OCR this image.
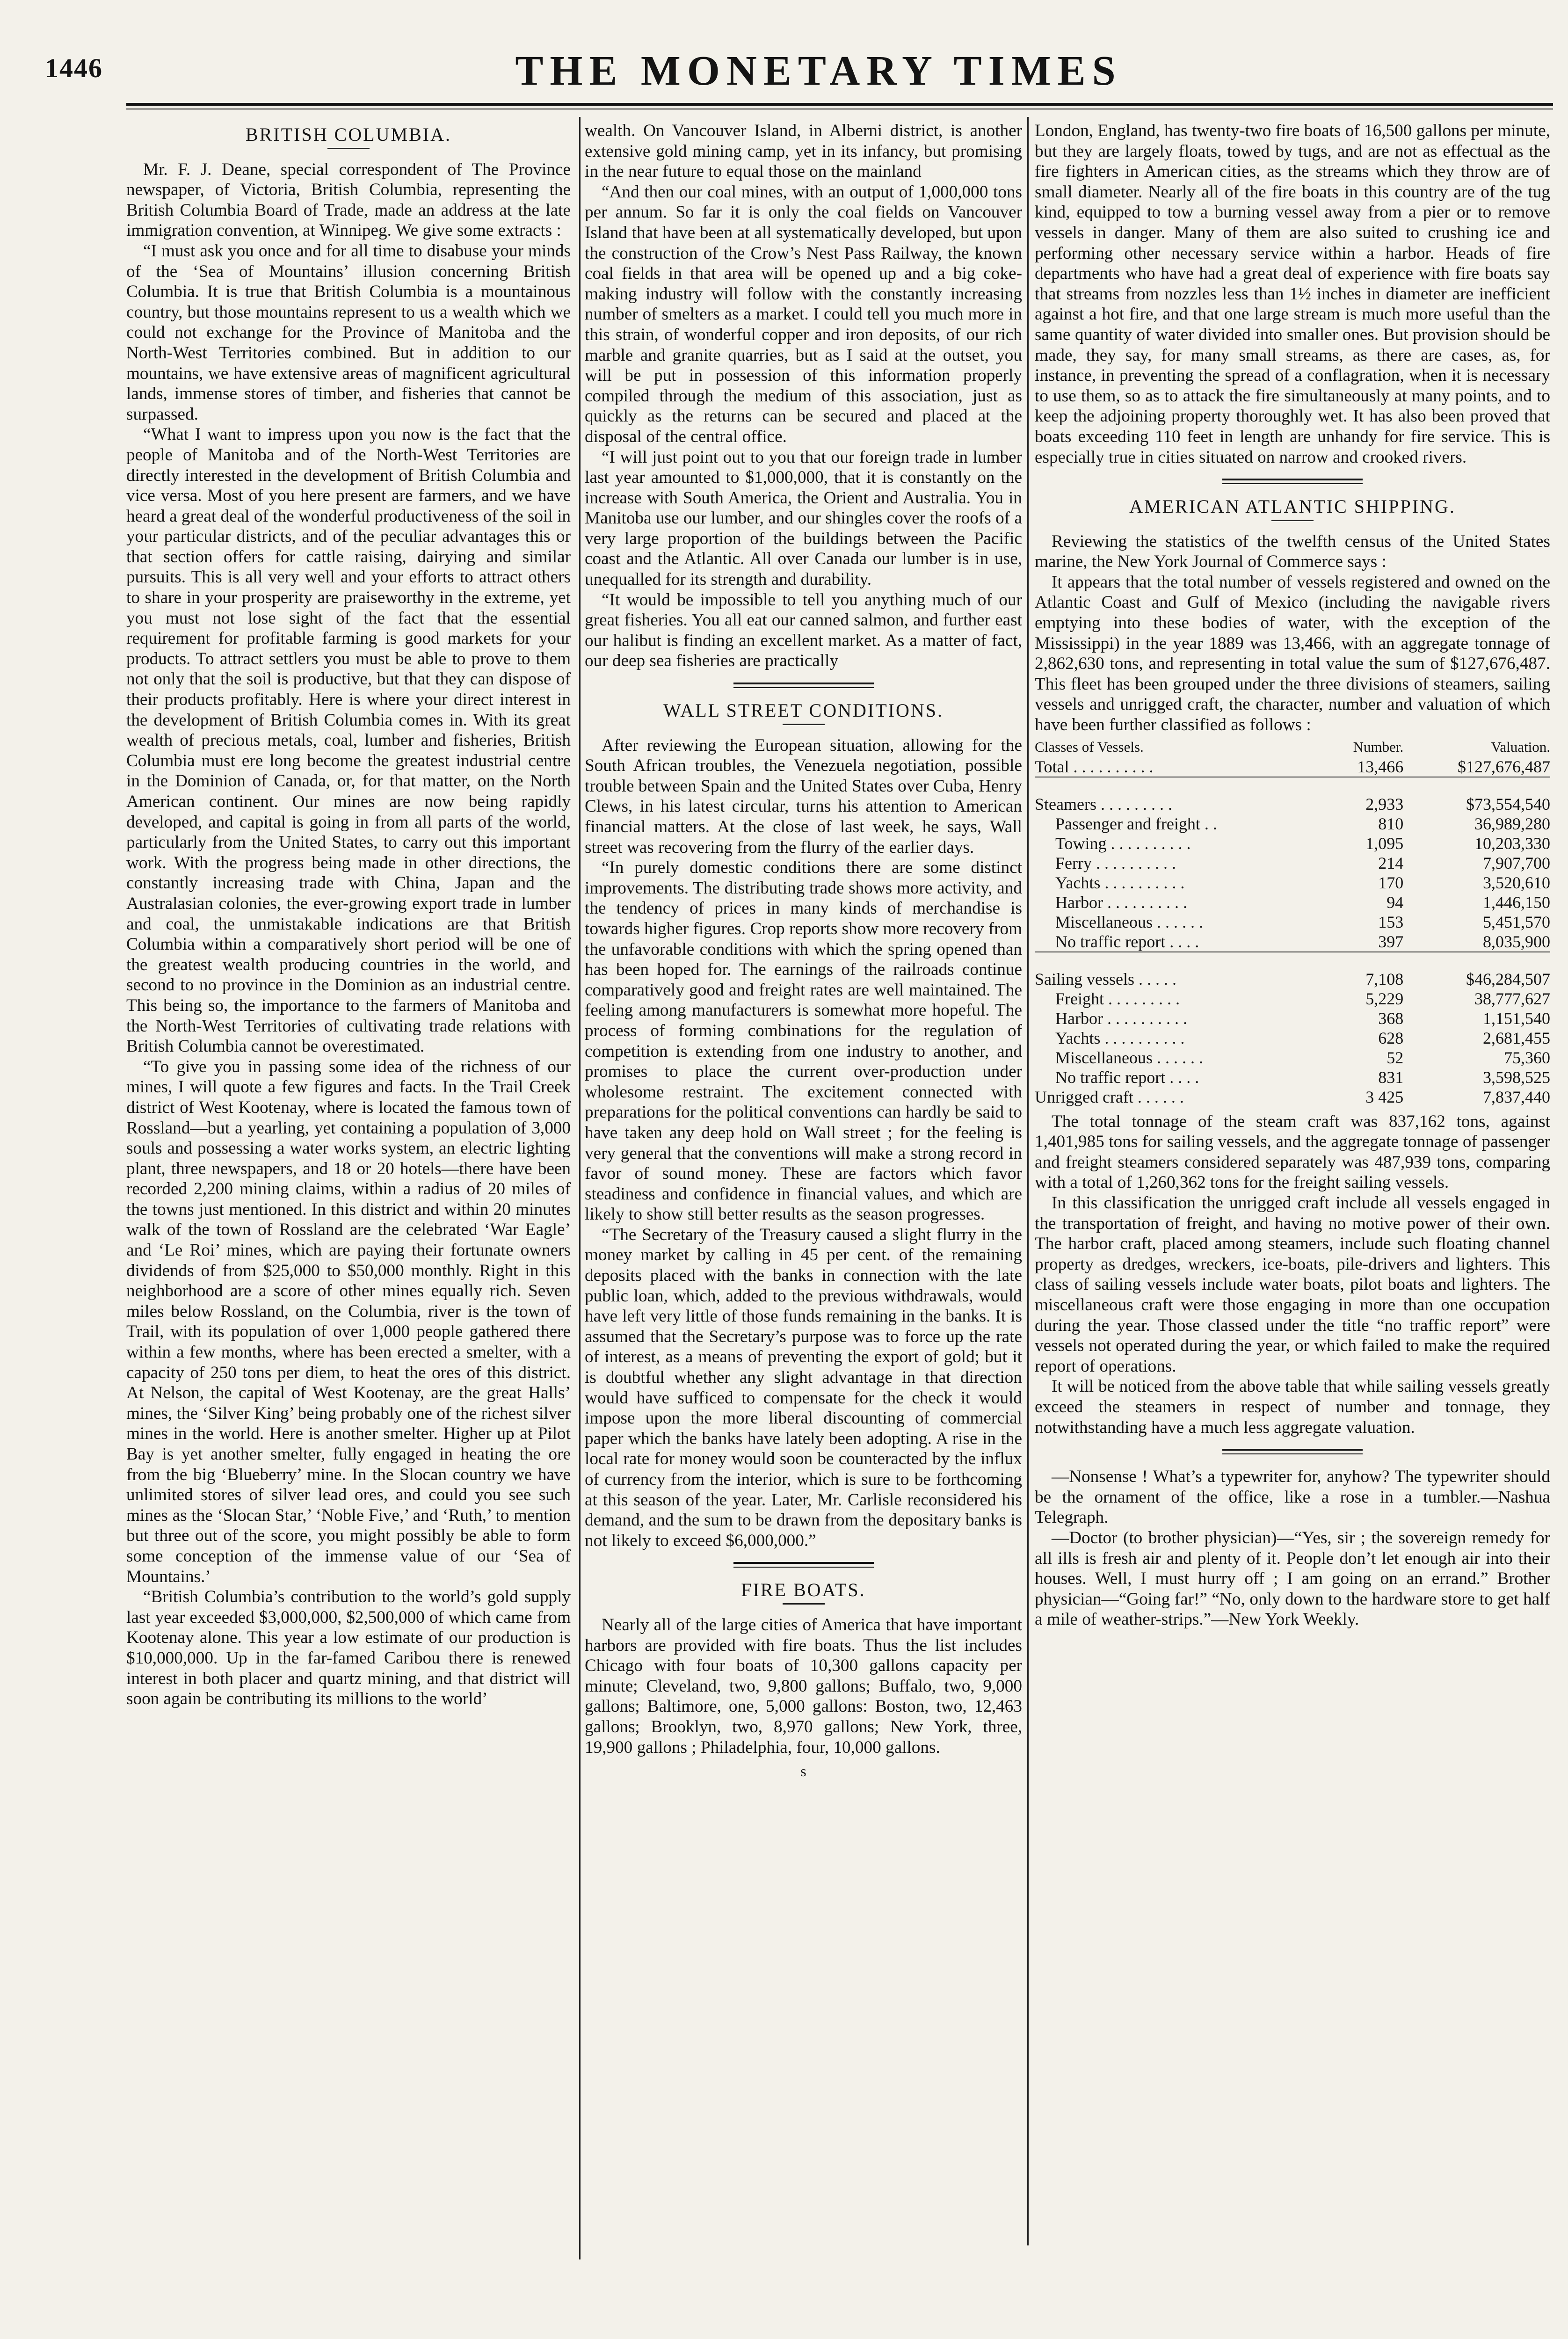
1446	THE MONETARY TIMES
BRITISH COLUMBIA.

Mr. F. J. Deane, special correspondent of The Province newspaper, of Victoria, British Columbia, representing the British Columbia Board of Trade, made an address at the late immigration convention, at Winnipeg. We give some extracts :

“I must ask you once and for all time to disabuse your minds of the ‘Sea of Mountains’ illusion concerning British Columbia. It is true that British Columbia is a mountainous country, but those mountains represent to us a wealth which we could not exchange for the Province of Manitoba and the North-West Territories combined. But in addition to our mountains, we have extensive areas of magnificent agricultural lands, immense stores of timber, and fisheries that cannot be surpassed.

“What I want to impress upon you now is the fact that the people of Manitoba and of the North-West Territories are directly interested in the development of British Columbia and vice versa. Most of you here present are farmers, and we have heard a great deal of the wonderful productiveness of the soil in your particular districts, and of the peculiar advantages this or that section offers for cattle raising, dairying and similar pursuits. This is all very well and your efforts to attract others to share in your prosperity are praiseworthy in the extreme, yet you must not lose sight of the fact that the essential requirement for profitable farming is good markets for your products. To attract settlers you must be able to prove to them not only that the soil is productive, but that they can dispose of their products profitably. Here is where your direct interest in the development of British Columbia comes in. With its great wealth of precious metals, coal, lumber and fisheries, British Columbia must ere long become the greatest industrial centre in the Dominion of Canada, or, for that matter, on the North American continent. Our mines are now being rapidly developed, and capital is going in from all parts of the world, particularly from the United States, to carry out this important work. With the progress being made in other directions, the constantly increasing trade with China, Japan and the Australasian colonies, the ever-growing export trade in lumber and coal, the unmistakable indications are that British Columbia within a comparatively short period will be one of the greatest wealth producing countries in the world, and second to no province in the Dominion as an industrial centre. This being so, the importance to the farmers of Manitoba and the North-West Territories of cultivating trade relations with British Columbia cannot be overestimated.

“To give you in passing some idea of the richness of our mines, I will quote a few figures and facts. In the Trail Creek district of West Kootenay, where is located the famous town of Rossland—but a yearling, yet containing a population of 3,000 souls and possessing a water works system, an electric lighting plant, three newspapers, and 18 or 20 hotels—there have been recorded 2,200 mining claims, within a radius of 20 miles of the towns just mentioned. In this district and within 20 minutes walk of the town of Rossland are the celebrated ‘War Eagle’ and ‘Le Roi’ mines, which are paying their fortunate owners dividends of from $25,000 to $50,000 monthly. Right in this neighborhood are a score of other mines equally rich. Seven miles below Rossland, on the Columbia, river is the town of Trail, with its population of over 1,000 people gathered there within a few months, where has been erected a smelter, with a capacity of 250 tons per diem, to heat the ores of this district. At Nelson, the capital of West Kootenay, are the great Halls’ mines, the ‘Silver King’ being probably one of the richest silver mines in the world. Here is another smelter. Higher up at Pilot Bay is yet another smelter, fully engaged in heating the ore from the big ‘Blueberry’ mine. In the Slocan country we have unlimited stores of silver lead ores, and could you see such mines as the ‘Slocan Star,’ ‘Noble Five,’ and ‘Ruth,’ to mention but three out of the score, you might possibly be able to form some conception of the immense value of our ‘Sea of Mountains.’

“British Columbia’s contribution to the world’s gold supply last year exceeded $3,000,000, $2,500,000 of which came from Kootenay alone. This year a low estimate of our production is $10,000,000. Up in the far-famed Caribou there is renewed interest in both placer and quartz mining, and that district will soon again be contributing its millions to the world’

wealth. On Vancouver Island, in Alberni district, is another extensive gold mining camp, yet in its infancy, but promising in the near future to equal those on the mainland

“And then our coal mines, with an output of 1,000,000 tons per annum. So far it is only the coal fields on Vancouver Island that have been at all systematically developed, but upon the construction of the Crow’s Nest Pass Railway, the known coal fields in that area will be opened up and a big coke-making industry will follow with the constantly increasing number of smelters as a market. I could tell you much more in this strain, of wonderful copper and iron deposits, of our rich marble and granite quarries, but as I said at the outset, you will be put in possession of this information properly compiled through the medium of this association, just as quickly as the returns can be secured and placed at the disposal of the central office.

“I will just point out to you that our foreign trade in lumber last year amounted to $1,000,000, that it is constantly on the increase with South America, the Orient and Australia. You in Manitoba use our lumber, and our shingles cover the roofs of a very large proportion of the buildings between the Pacific coast and the Atlantic. All over Canada our lumber is in use, unequalled for its strength and durability.

“It would be impossible to tell you anything much of our great fisheries. You all eat our canned salmon, and further east our halibut is finding an excellent market. As a matter of fact, our deep sea fisheries are practically

WALL STREET CONDITIONS.

After reviewing the European situation, allowing for the South African troubles, the Venezuela negotiation, possible trouble between Spain and the United States over Cuba, Henry Clews, in his latest circular, turns his attention to American financial matters. At the close of last week, he says, Wall street was recovering from the flurry of the earlier days.

“In purely domestic conditions there are some distinct improvements. The distributing trade shows more activity, and the tendency of prices in many kinds of merchandise is towards higher figures. Crop reports show more recovery from the unfavorable conditions with which the spring opened than has been hoped for. The earnings of the railroads continue comparatively good and freight rates are well maintained. The feeling among manufacturers is somewhat more hopeful. The process of forming combinations for the regulation of competition is extending from one industry to another, and promises to place the current over-production under wholesome restraint. The excitement connected with preparations for the political conventions can hardly be said to have taken any deep hold on Wall street ; for the feeling is very general that the conventions will make a strong record in favor of sound money. These are factors which favor steadiness and confidence in financial values, and which are likely to show still better results as the season progresses.

“The Secretary of the Treasury caused a slight flurry in the money market by calling in 45 per cent. of the remaining deposits placed with the banks in connection with the late public loan, which, added to the previous withdrawals, would have left very little of those funds remaining in the banks. It is assumed that the Secretary’s purpose was to force up the rate of interest, as a means of preventing the export of gold; but it is doubtful whether any slight advantage in that direction would have sufficed to compensate for the check it would impose upon the more liberal discounting of commercial paper which the banks have lately been adopting. A rise in the local rate for money would soon be counteracted by the influx of currency from the interior, which is sure to be forthcoming at this season of the year. Later, Mr. Carlisle reconsidered his demand, and the sum to be drawn from the depositary banks is not likely to exceed $6,000,000.”

FIRE BOATS.

Nearly all of the large cities of America that have important harbors are provided with fire boats. Thus the list includes Chicago with four boats of 10,300 gallons capacity per minute; Cleveland, two, 9,800 gallons; Buffalo, two, 9,000 gallons; Baltimore, one, 5,000 gallons: Boston, two, 12,463 gallons; Brooklyn, two, 8,970 gallons; New York, three, 19,900 gallons ; Philadelphia, four, 10,000 gallons.

s

London, England, has twenty-two fire boats of 16,500 gallons per minute, but they are largely floats, towed by tugs, and are not as effectual as the fire fighters in American cities, as the streams which they throw are of small diameter. Nearly all of the fire boats in this country are of the tug kind, equipped to tow a burning vessel away from a pier or to remove vessels in danger. Many of them are also suited to crushing ice and performing other necessary service within a harbor. Heads of fire departments who have had a great deal of experience with fire boats say that streams from nozzles less than 1½ inches in diameter are inefficient against a hot fire, and that one large stream is much more useful than the same quantity of water divided into smaller ones. But provision should be made, they say, for many small streams, as there are cases, as, for instance, in preventing the spread of a conflagration, when it is necessary to use them, so as to attack the fire simultaneously at many points, and to keep the adjoining property thoroughly wet. It has also been proved that boats exceeding 110 feet in length are unhandy for fire service. This is especially true in cities situated on narrow and crooked rivers.

AMERICAN ATLANTIC SHIPPING.

Reviewing the statistics of the twelfth census of the United States marine, the New York Journal of Commerce says :

It appears that the total number of vessels registered and owned on the Atlantic Coast and Gulf of Mexico (including the navigable rivers emptying into these bodies of water, with the exception of the Mississippi) in the year 1889 was 13,466, with an aggregate tonnage of 2,862,630 tons, and representing in total value the sum of $127,676,487. This fleet has been grouped under the three divisions of steamers, sailing vessels and unrigged craft, the character, number and valuation of which have been further classified as follows :

Classes of Vessels.	Number.	Valuation.
Total . . . . . . . . . .	13,466	$127,676,487

Steamers . . . . . . . . .	2,933	$73,554,540
Passenger and freight . .	810	36,989,280
Towing . . . . . . . . . .	1,095	10,203,330
Ferry . . . . . . . . . .	214	7,907,700
Yachts . . . . . . . . . .	170	3,520,610
Harbor . . . . . . . . . .	94	1,446,150
Miscellaneous . . . . . .	153	5,451,570
No traffic report . . . .	397	8,035,900

Sailing vessels . . . . .	7,108	$46,284,507
Freight . . . . . . . . .	5,229	38,777,627
Harbor . . . . . . . . . .	368	1,151,540
Yachts . . . . . . . . . .	628	2,681,455
Miscellaneous . . . . . .	52	75,360
No traffic report . . . .	831	3,598,525
Unrigged craft . . . . . .	3 425	7,837,440

The total tonnage of the steam craft was 837,162 tons, against 1,401,985 tons for sailing vessels, and the aggregate tonnage of passenger and freight steamers considered separately was 487,939 tons, comparing with a total of 1,260,362 tons for the freight sailing vessels.

In this classification the unrigged craft include all vessels engaged in the transportation of freight, and having no motive power of their own. The harbor craft, placed among steamers, include such floating channel property as dredges, wreckers, ice-boats, pile-drivers and lighters. This class of sailing vessels include water boats, pilot boats and lighters. The miscellaneous craft were those engaging in more than one occupation during the year. Those classed under the title “no traffic report” were vessels not operated during the year, or which failed to make the required report of operations.

It will be noticed from the above table that while sailing vessels greatly exceed the steamers in respect of number and tonnage, they notwithstanding have a much less aggregate valuation.

—Nonsense ! What’s a typewriter for, anyhow? The typewriter should be the ornament of the office, like a rose in a tumbler.—Nashua Telegraph.

—Doctor (to brother physician)—“Yes, sir ; the sovereign remedy for all ills is fresh air and plenty of it. People don’t let enough air into their houses. Well, I must hurry off ; I am going on an errand.” Brother physician—“Going far!” “No, only down to the hardware store to get half a mile of weather-strips.”—New York Weekly.
